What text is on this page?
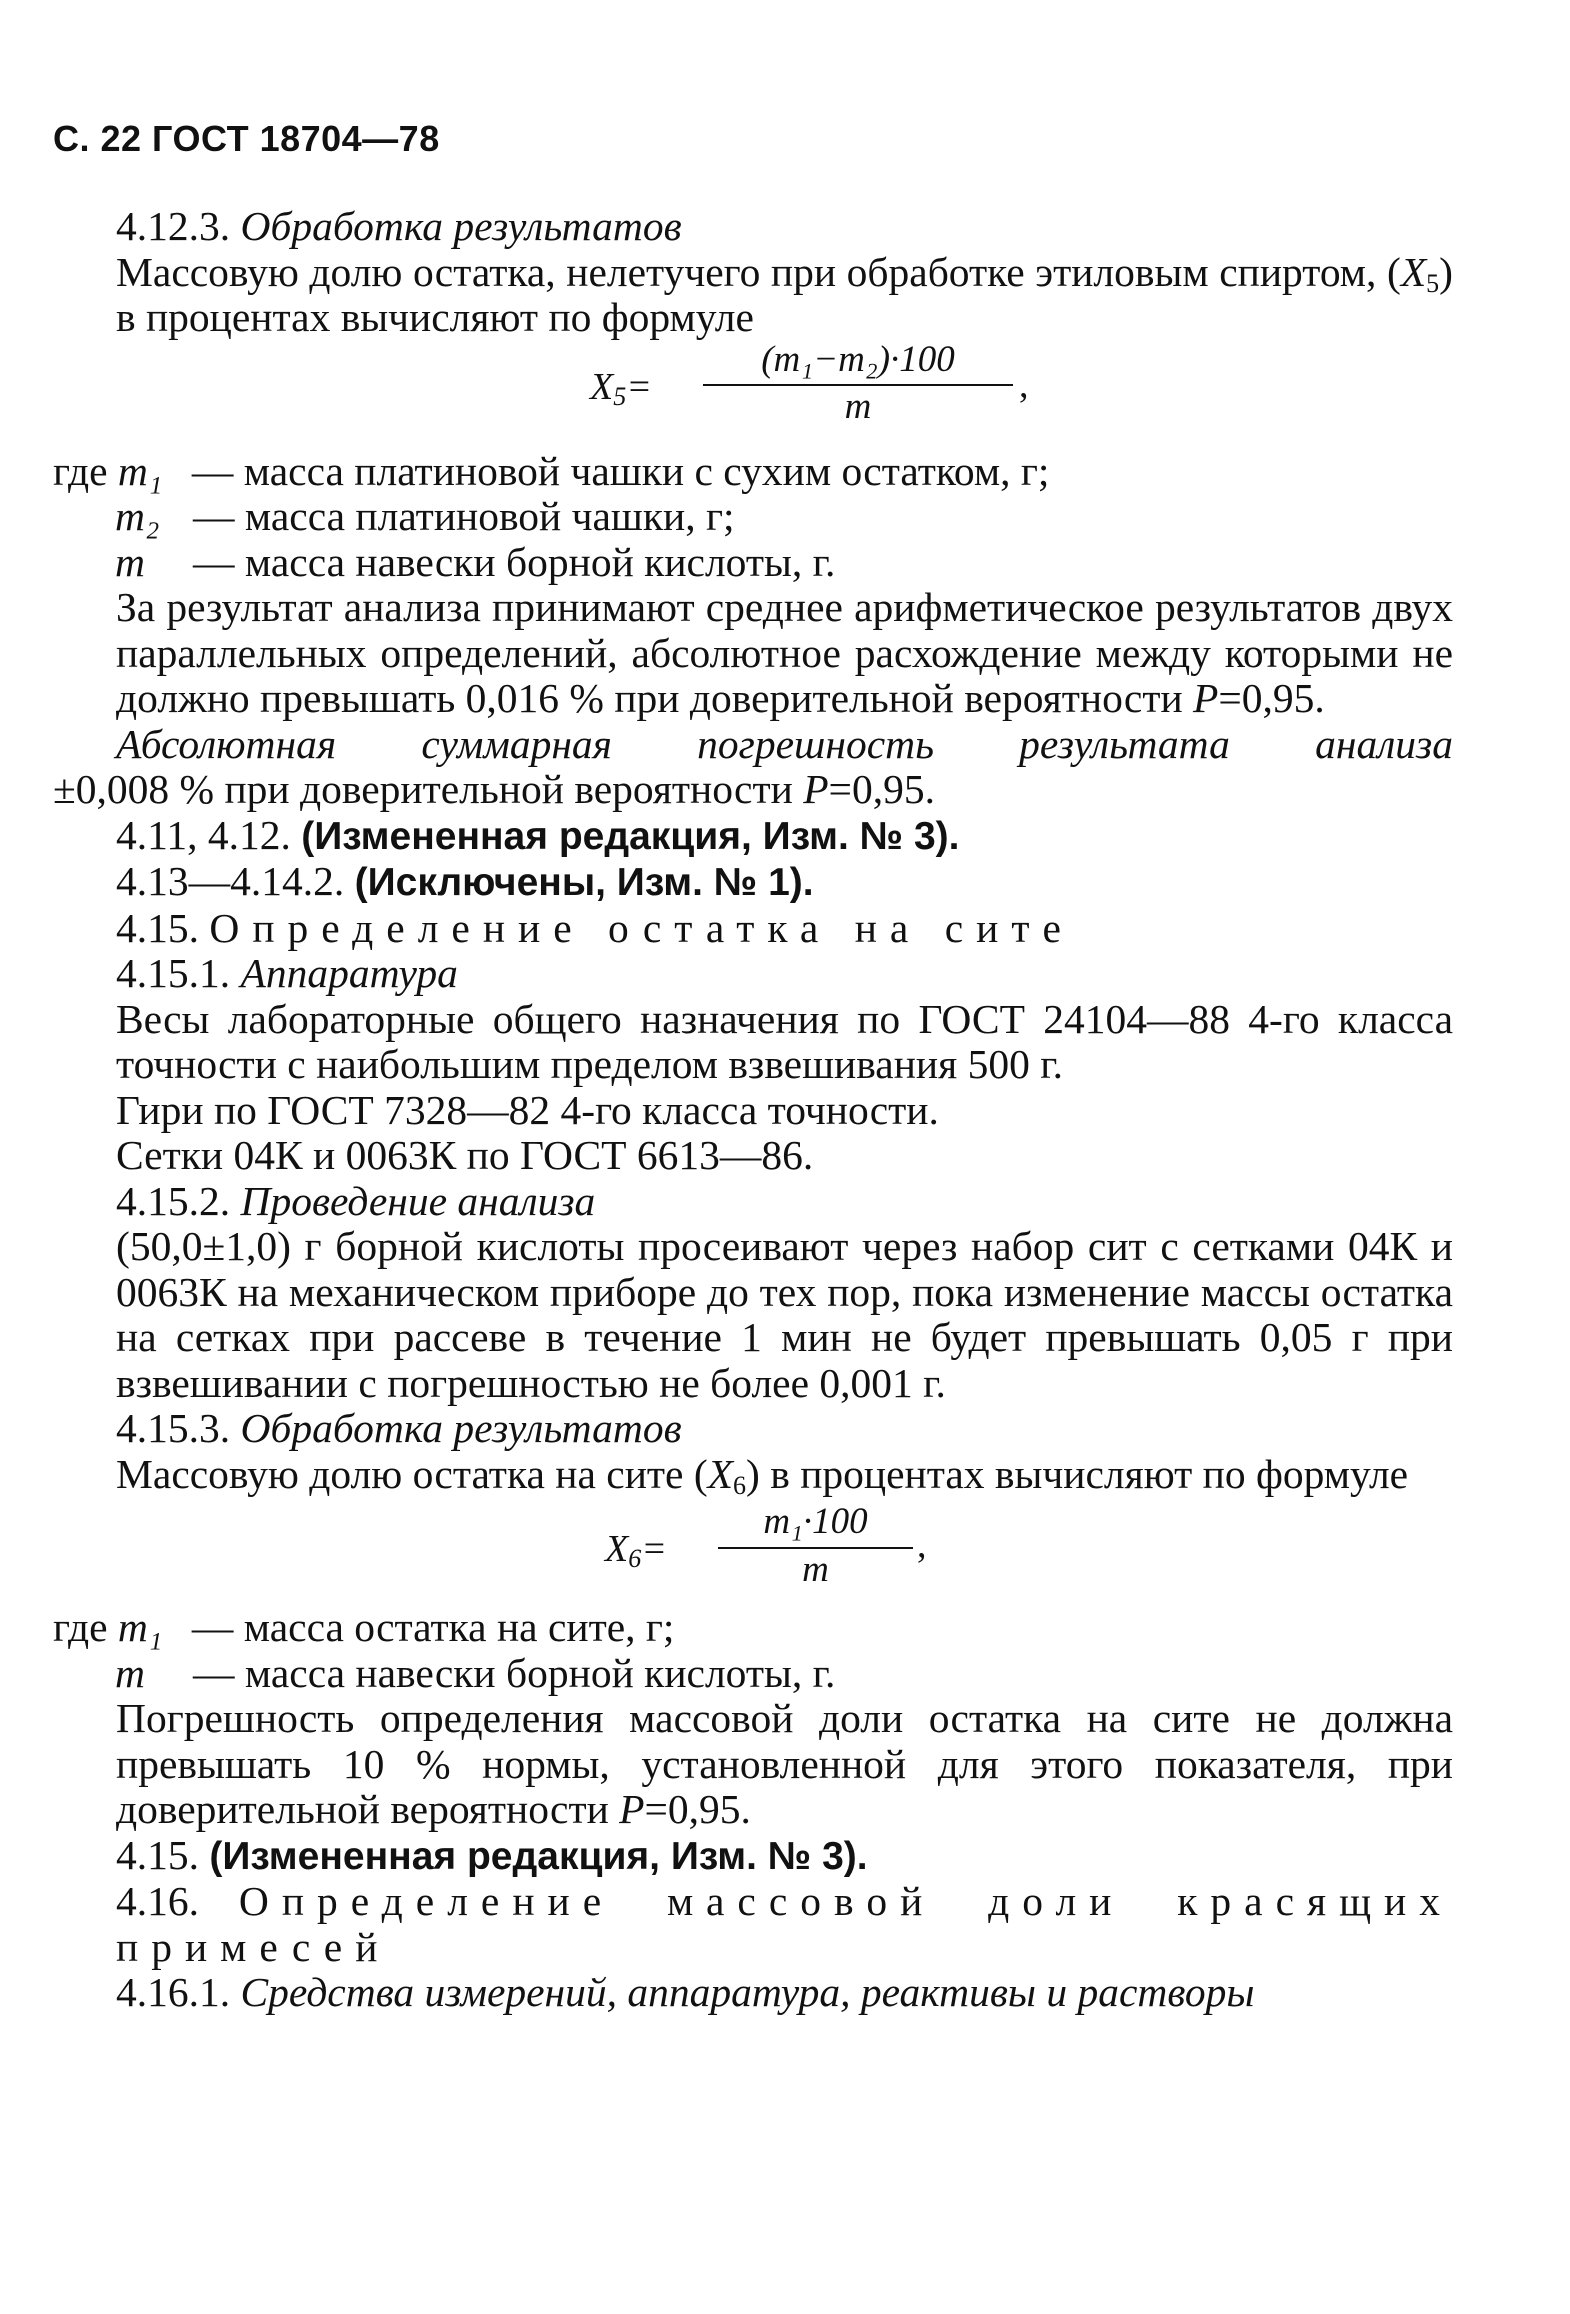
С. 22 ГОСТ 18704—78

4.12.3. Обработка результатов

Массовую долю остатка, нелетучего при обработке этиловым спиртом, $(X_5)$ в процентах вычисляют по формуле

$X_5=$
(m₁−m₂)·100
m
,
где m₁ — масса платиновой чашки с сухим остатком, г;
m₂ — масса платиновой чашки, г;
m — масса навески борной кислоты, г.

За результат анализа принимают среднее арифметическое результатов двух параллельных определений, абсолютное расхождение между которыми не должно превышать 0,016 % при доверительной вероятности P=0,95.

Абсолютная суммарная погрешность результата анализа

±0,008 % при доверительной вероятности P=0,95.

4.11, 4.12. (Измененная редакция, Изм. № 3).

4.13—4.14.2. (Исключены, Изм. № 1).

4.15. Определение остатка на сите

4.15.1. Аппаратура

Весы лабораторные общего назначения по ГОСТ 24104—88 4-го класса точности с наибольшим пределом взвешивания 500 г.

Гири по ГОСТ 7328—82 4-го класса точности.

Сетки 04К и 0063К по ГОСТ 6613—86.

4.15.2. Проведение анализа

(50,0±1,0) г борной кислоты просеивают через набор сит с сетками 04К и 0063К на механическом приборе до тех пор, пока изменение массы остатка на сетках при рассеве в течение 1 мин не будет превышать 0,05 г при взвешивании с погрешностью не более 0,001 г.

4.15.3. Обработка результатов

Массовую долю остатка на сите $(X_6)$ в процентах вычисляют по формуле

$X_6=$
m₁·100
m
,
где m₁ — масса остатка на сите, г;
m — масса навески борной кислоты, г.

Погрешность определения массовой доли остатка на сите не должна превышать 10 % нормы, установленной для этого показателя, при доверительной вероятности P=0,95.

4.15. (Измененная редакция, Изм. № 3).

4.16. Определение массовой доли красящих примесей

4.16.1. Средства измерений, аппаратура, реактивы и растворы
